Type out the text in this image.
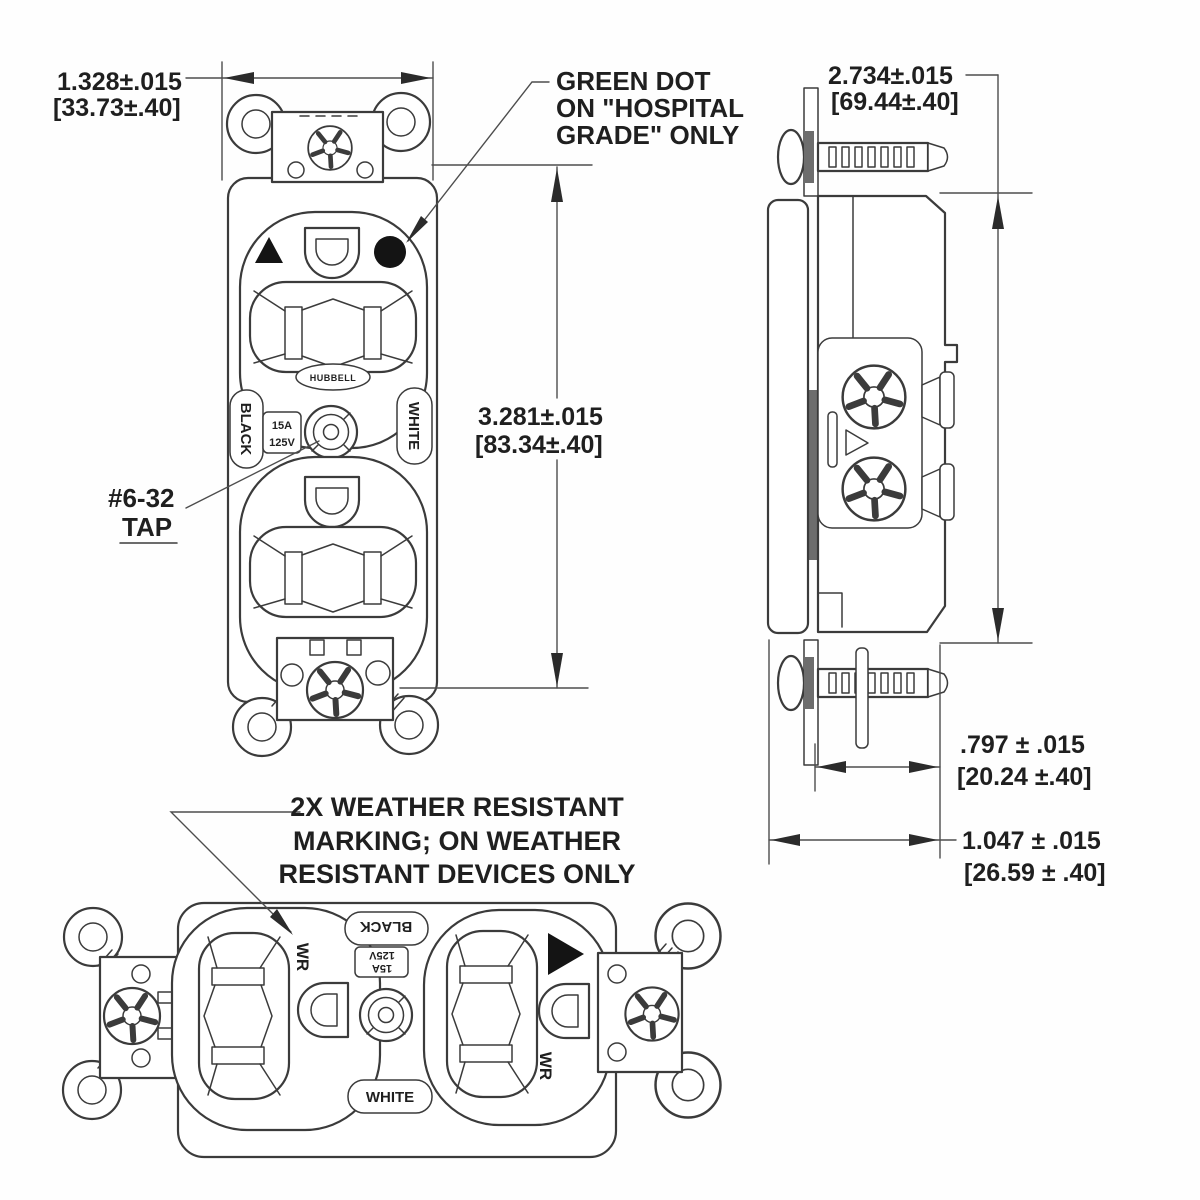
1.328±.015
[33.73±.40]
HUBBELL
BLACK 15A
125V	WHITE 3.281±.015
[83.34±.40]
GREEN DOT
ON "HOSPITAL
GRADE" ONLY
#6-32
TAP
2.734±.015
[69.44±.40]
.797 ± .015
[20.24 ±.40]
1.047 ± .015
[26.59 ± .40]
WR
BLACK
125V
15A
WHITE
WR
2X WEATHER RESISTANT
MARKING; ON WEATHER
RESISTANT DEVICES ONLY
